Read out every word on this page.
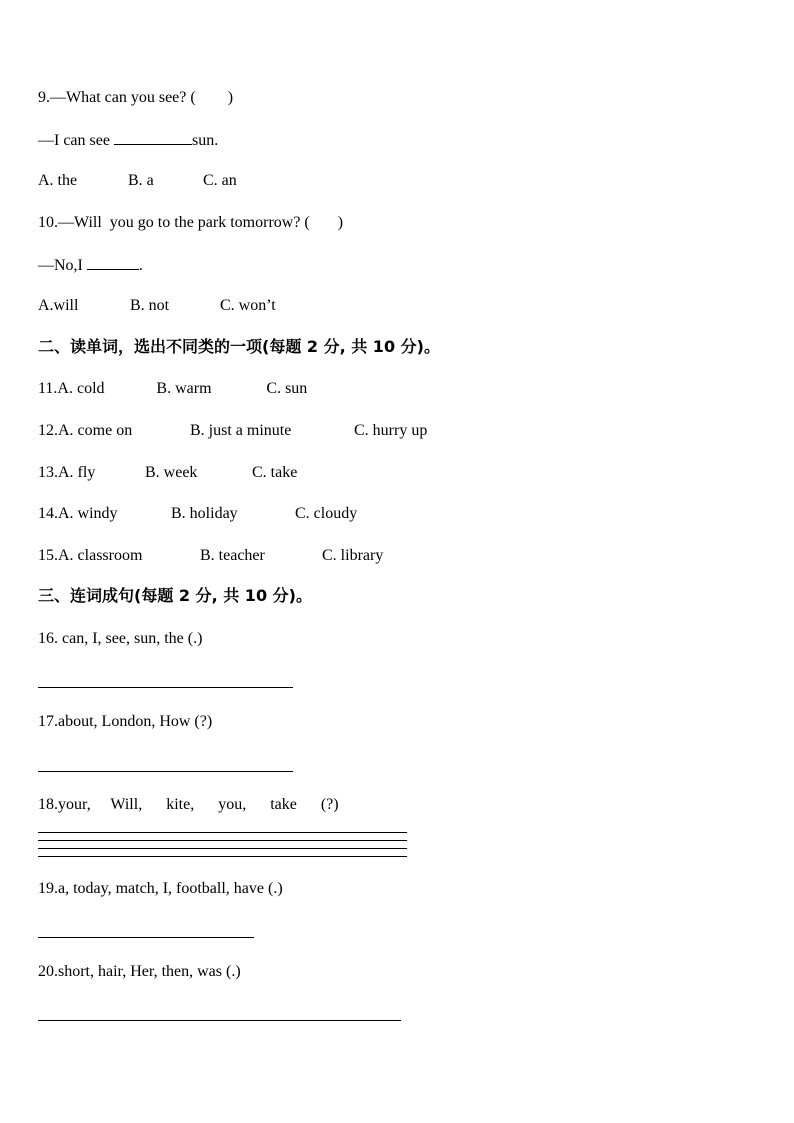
9.—What can you see? (        )
—I can see	sun.
A. the	B. a	C. an
10.—Will  you go to the park tomorrow? (       )
—No,I	.
A.will	B. not	C. won’t
二、读单词，选出不同类的一项(每题 2 分, 共 10 分)。
11.A. cold	B. warm	C. sun
12.A. come on	B. just a minute	C. hurry up
13.A. fly	B. week	C. take
14.A. windy	B. holiday	C. cloudy
15.A. classroom	B. teacher	C. library
三、连词成句(每题 2 分, 共 10 分)。
16. can, I, see, sun, the (.)
17.about, London, How (?)
18.your,     Will,      kite,      you,      take      (?)
19.a, today, match, I, football, have (.)
20.short, hair, Her, then, was (.)
